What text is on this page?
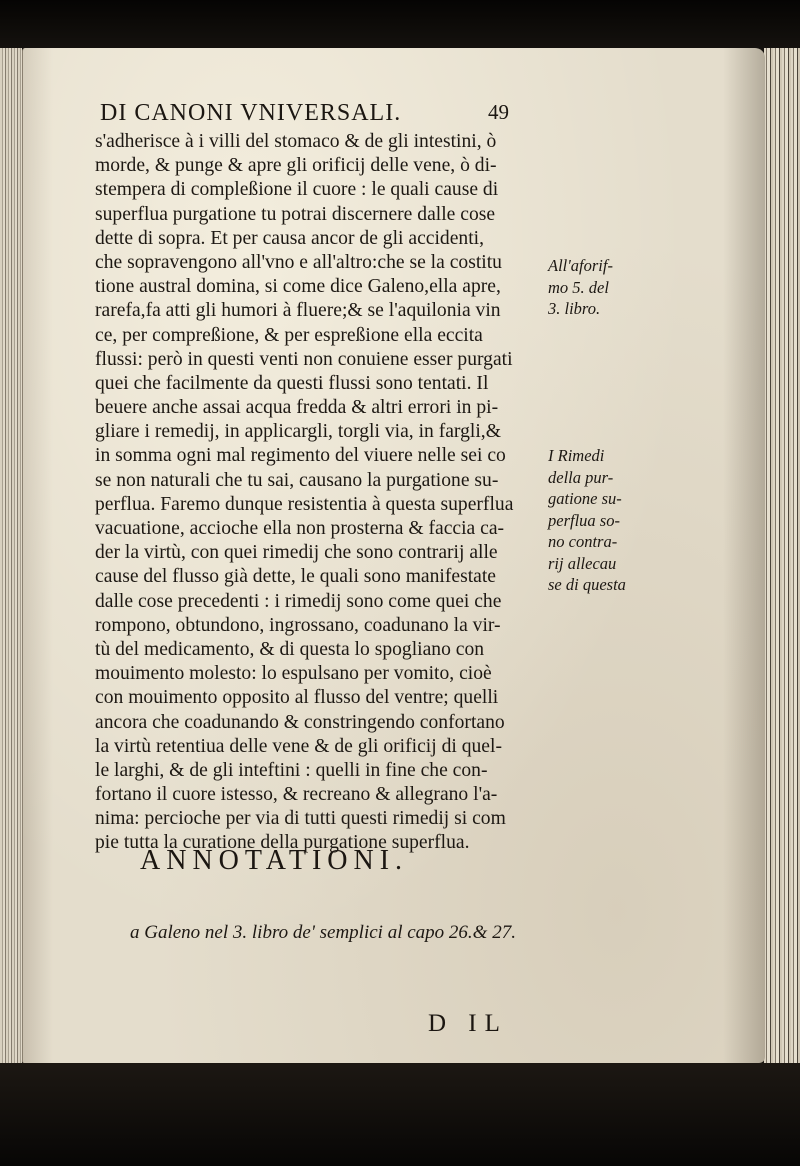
DI CANONI VNIVERSALI.	49
s'adherisce à i villi del stomaco & de gli intestini, ò
morde, & punge & apre gli orificij delle vene, ò di-
stempera di compleßione il cuore : le quali cause di
superflua purgatione tu potrai discernere dalle cose
dette di sopra. Et per causa ancor de gli accidenti,
che sopravengono all'vno e all'altro:che se la costitu
tione austral domina, si come dice Galeno,ella apre,
rarefa,fa atti gli humori à fluere;& se l'aquilonia vin
ce, per compreßione, & per espreßione ella eccita
flussi: però in questi venti non conuiene esser purgati
quei che facilmente da questi flussi sono tentati. Il
beuere anche assai acqua fredda & altri errori in pi-
gliare i remedij, in applicargli, torgli via, in fargli,&
in somma ogni mal regimento del viuere nelle sei co
se non naturali che tu sai, causano la purgatione su-
perflua. Faremo dunque resistentia à questa superflua
vacuatione, accioche ella non prosterna & faccia ca-
der la virtù, con quei rimedij che sono contrarij alle
cause del flusso già dette, le quali sono manifestate
dalle cose precedenti : i rimedij sono come quei che
rompono, obtundono, ingrossano, coadunano la vir-
tù del medicamento, & di questa lo spogliano con
mouimento molesto: lo espulsano per vomito, cioè
con mouimento opposito al flusso del ventre; quelli
ancora che coadunando & constringendo confortano
la virtù retentiua delle vene & de gli orificij di quel-
le larghi, & de gli inteftini : quelli in fine che con-
fortano il cuore istesso, & recreano & allegrano l'a-
nima: percioche per via di tutti questi rimedij si com
pie tutta la curatione della purgatione superflua.
All'aforif-
mo 5. del
3. libro.
I Rimedi
della pur-
gatione su-
perflua so-
no contra-
rij allecau
se di questa
ANNOTATIONI.
a Galeno nel 3. libro de' semplici al capo 26.& 27.
D IL
